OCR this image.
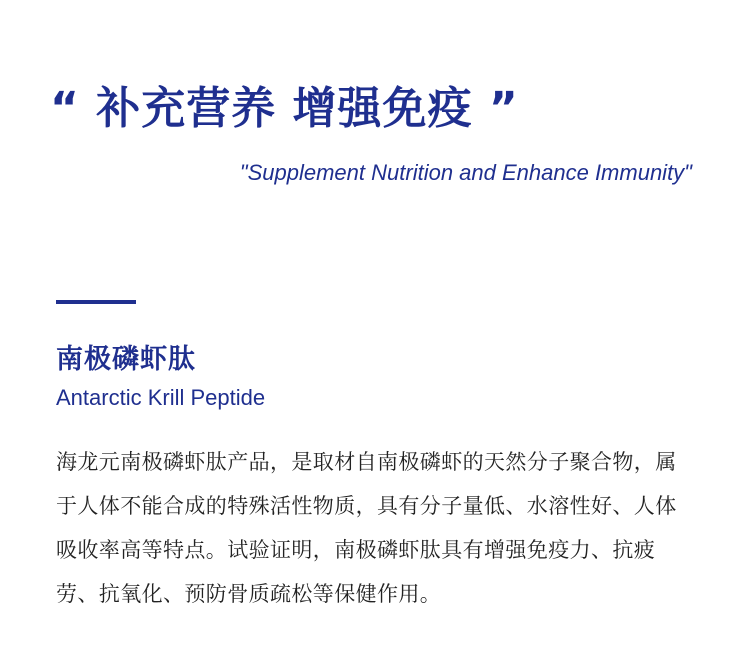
“ 补充营养 增强免疫 ”
"Supplement Nutrition and Enhance Immunity"
南极磷虾肽
Antarctic Krill Peptide

海龙元南极磷虾肽产品，是取材自南极磷虾的天然分子聚合物，属于人体不能合成的特殊活性物质，具有分子量低、水溶性好、人体吸收率高等特点。试验证明，南极磷虾肽具有增强免疫力、抗疲劳、抗氧化、预防骨质疏松等保健作用。
